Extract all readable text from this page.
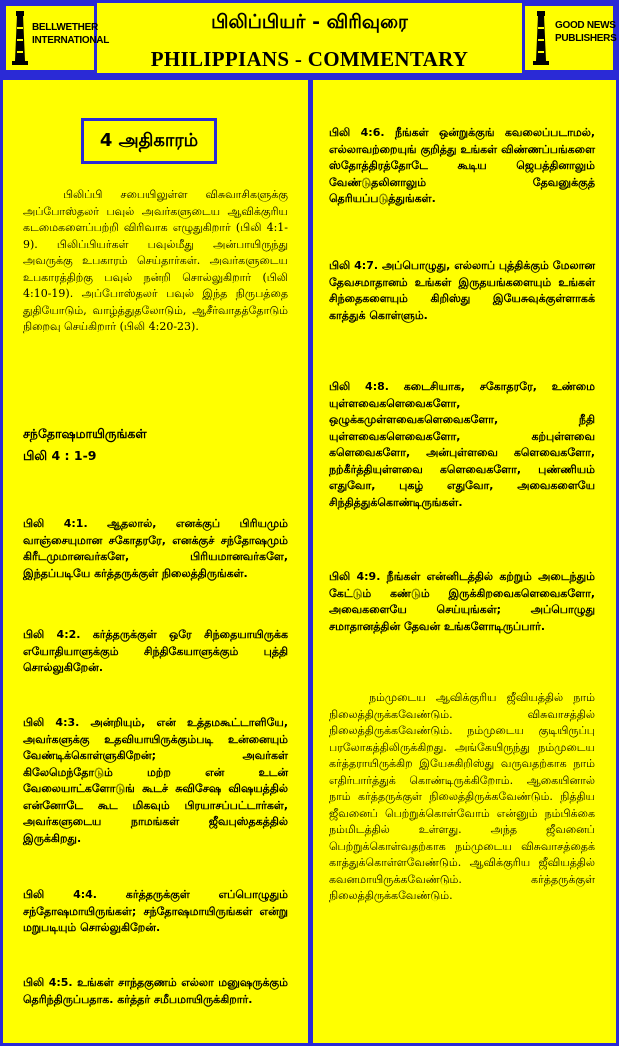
BELLWETHER
INTERNATIONAL
பிலிப்பியர் - விரிவுரை
PHILIPPIANS - COMMENTARY
GOOD NEWS
PUBLISHERS
4 அதிகாரம்
பிலிப்பி சபையிலுள்ள விசுவாசிகளுக்கு அப்போஸ்தலர் பவுல் அவர்களுடைய ஆவிக்குரிய கடமைகளைப்பற்றி விரிவாக எழுதுகிறார் (பிலி 4:1-9). பிலிப்பியர்கள் பவுல்மீது அன்பாயிருந்து அவருக்கு உபகாரம் செய்தார்கள். அவர்களுடைய உபகாரத்திற்கு பவுல் நன்றி சொல்லுகிறார் (பிலி 4:10-19). அப்போஸ்தலர் பவுல் இந்த நிருபத்தை துதியோடும், வாழ்த்துதலோடும், ஆசீர்வாதத்தோடும் நிறைவு செய்கிறார் (பிலி 4:20-23).
சந்தோஷமாயிருங்கள்
பிலி 4 : 1-9
பிலி 4:1. ஆதலால், எனக்குப் பிரியமும் வாஞ்சையுமான சகோதரரே, எனக்குச் சந்தோஷமும் கிரீடமுமானவர்களே, பிரியமானவர்களே, இந்தப்படியே கர்த்தருக்குள் நிலைத்திருங்கள்.
பிலி 4:2. கர்த்தருக்குள் ஒரே சிந்தையாயிருக்க எயோதியாளுக்கும் சிந்திகேயாளுக்கும் புத்தி சொல்லுகிறேன்.
பிலி 4:3. அன்றியும், என் உத்தமகூட்டாளியே, அவர்களுக்கு உதவியாயிருக்கும்படி உன்னையும் வேண்டிக்கொள்ளுகிறேன்; அவர்கள் கிலேமெந்தோடும் மற்ற என் உடன் வேலையாட்களோடுங் கூடச் சுவிசேஷ விஷயத்தில் என்னோடே கூட மிகவும் பிரயாசப்பட்டார்கள், அவர்களுடைய நாமங்கள் ஜீவபுஸ்தகத்தில் இருக்கிறது.
பிலி 4:4. கர்த்தருக்குள் எப்பொழுதும் சந்தோஷமாயிருங்கள்; சந்தோஷமாயிருங்கள் என்று மறுபடியும் சொல்லுகிறேன்.
பிலி 4:5. உங்கள் சாந்தகுணம் எல்லா மனுஷருக்கும் தெரிந்திருப்பதாக. கர்த்தர் சமீபமாயிருக்கிறார்.
பிலி 4:6. நீங்கள் ஒன்றுக்குங் கவலைப்படாமல், எல்லாவற்றையுங் குறித்து உங்கள் விண்ணப்பங்களை ஸ்தோத்திரத்தோடே கூடிய ஜெபத்தினாலும் வேண்டுதலினாலும் தேவனுக்குத் தெரியப்படுத்துங்கள்.
பிலி 4:7. அப்பொழுது, எல்லாப் புத்திக்கும் மேலான தேவசமாதானம் உங்கள் இருதயங்களையும் உங்கள் சிந்தைகளையும் கிறிஸ்து இயேசுவுக்குள்ளாகக் காத்துக் கொள்ளும்.
பிலி 4:8. கடைசியாக, சகோதரரே, உண்மை யுள்ளவைகளெவைகளோ, ஒழுக்கமுள்ளவைகளெவைகளோ, நீதி யுள்ளவைகளெவைகளோ, கற்புள்ளவை களெவைகளோ, அன்புள்ளவை களெவைகளோ, நற்கீர்த்தியுள்ளவை களெவைகளோ, புண்ணியம் எதுவோ, புகழ் எதுவோ, அவைகளையே சிந்தித்துக்கொண்டிருங்கள்.
பிலி 4:9. நீங்கள் என்னிடத்தில் கற்றும் அடைந்தும் கேட்டும் கண்டும் இருக்கிறவைகளெவைகளோ, அவைகளையே செய்யுங்கள்; அப்பொழுது சமாதானத்தின் தேவன் உங்களோடிருப்பார்.
நம்முடைய ஆவிக்குரிய ஜீவியத்தில் நாம் நிலைத்திருக்கவேண்டும். விசுவாசத்தில் நிலைத்திருக்கவேண்டும். நம்முடைய குடியிருப்பு பரலோகத்திலிருக்கிறது. அங்கேயிருந்து நம்முடைய கர்த்தராயிருக்கிற இயேசுகிறிஸ்து வருவதற்காக நாம் எதிர்பார்த்துக் கொண்டிருக்கிறோம். ஆகையினால் நாம் கர்த்தருக்குள் நிலைத்திருக்கவேண்டும். நித்திய ஜீவனைப் பெற்றுக்கொள்வோம் என்னும் நம்பிக்கை நம்மிடத்தில் உள்ளது. அந்த ஜீவனைப் பெற்றுக்கொள்வதற்காக நம்முடைய விசுவாசத்தைக் காத்துக்கொள்ளவேண்டும். ஆவிக்குரிய ஜீவியத்தில் கவனமாயிருக்கவேண்டும். கர்த்தருக்குள் நிலைத்திருக்கவேண்டும்.
